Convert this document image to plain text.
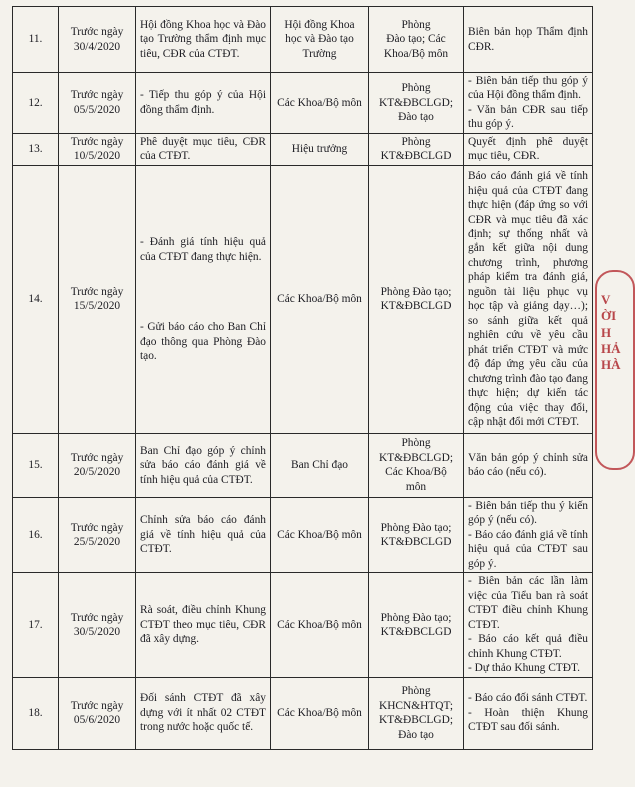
11.	Trước ngày
30/4/2020	Hội đồng Khoa học và Đào tạo Trường thẩm định mục tiêu, CĐR của CTĐT.	Hội đồng Khoa học và Đào tạo Trường	Phòng
Đào tạo; Các Khoa/Bộ môn	Biên bản họp Thẩm định CĐR.

12.	Trước ngày
05/5/2020	- Tiếp thu góp ý của Hội đồng thẩm định.	Các Khoa/Bộ môn	Phòng
KT&ĐBCLGD;
Đào tạo	- Biên bản tiếp thu góp ý của Hội đồng thẩm định.
- Văn bản CĐR sau tiếp thu góp ý.

13.	Trước ngày
10/5/2020	Phê duyệt mục tiêu, CĐR của CTĐT.	Hiệu trưởng	Phòng
KT&ĐBCLGD	Quyết định phê duyệt mục tiêu, CĐR.

14.	Trước ngày
15/5/2020	- Đánh giá tính hiệu quả của CTĐT đang thực hiện.
- Gửi báo cáo cho Ban Chỉ đạo thông qua Phòng Đào tạo.	Các Khoa/Bộ môn	Phòng Đào tạo;
KT&ĐBCLGD	Báo cáo đánh giá về tính hiệu quả của CTĐT đang thực hiện (đáp ứng so với CĐR và mục tiêu đã xác định; sự thống nhất và gắn kết giữa nội dung chương trình, phương pháp kiểm tra đánh giá, nguồn tài liệu phục vụ học tập và giảng dạy…); so sánh giữa kết quả nghiên cứu về yêu cầu phát triển CTĐT và mức độ đáp ứng yêu cầu của chương trình đào tạo đang thực hiện; dự kiến tác động của việc thay đổi, cập nhật đổi mới CTĐT.

15.	Trước ngày
20/5/2020	Ban Chỉ đạo góp ý chỉnh sửa báo cáo đánh giá về tính hiệu quả của CTĐT.	Ban Chỉ đạo	Phòng
KT&ĐBCLGD;
Các Khoa/Bộ
môn	Văn bản góp ý chỉnh sửa báo cáo (nếu có).

16.	Trước ngày
25/5/2020	Chỉnh sửa báo cáo đánh giá về tính hiệu quả của CTĐT.	Các Khoa/Bộ môn	Phòng Đào tạo;
KT&ĐBCLGD	- Biên bản tiếp thu ý kiến góp ý (nếu có).
- Báo cáo đánh giá về tính hiệu quả của CTĐT sau góp ý.

17.	Trước ngày
30/5/2020	Rà soát, điều chỉnh Khung CTĐT theo mục tiêu, CĐR đã xây dựng.	Các Khoa/Bộ môn	Phòng Đào tạo;
KT&ĐBCLGD	- Biên bản các lần làm việc của Tiểu ban rà soát CTĐT điều chỉnh Khung CTĐT.
- Báo cáo kết quả điều chỉnh Khung CTĐT.
- Dự thảo Khung CTĐT.

18.	Trước ngày
05/6/2020	Đối sánh CTĐT đã xây dựng với ít nhất 02 CTĐT trong nước hoặc quốc tế.	Các Khoa/Bộ môn	Phòng
KHCN&HTQT;
KT&ĐBCLGD;
Đào tạo	- Báo cáo đối sánh CTĐT.
- Hoàn thiện Khung CTĐT sau đối sánh.
V
ỜI
H
HẢ
HÀ
